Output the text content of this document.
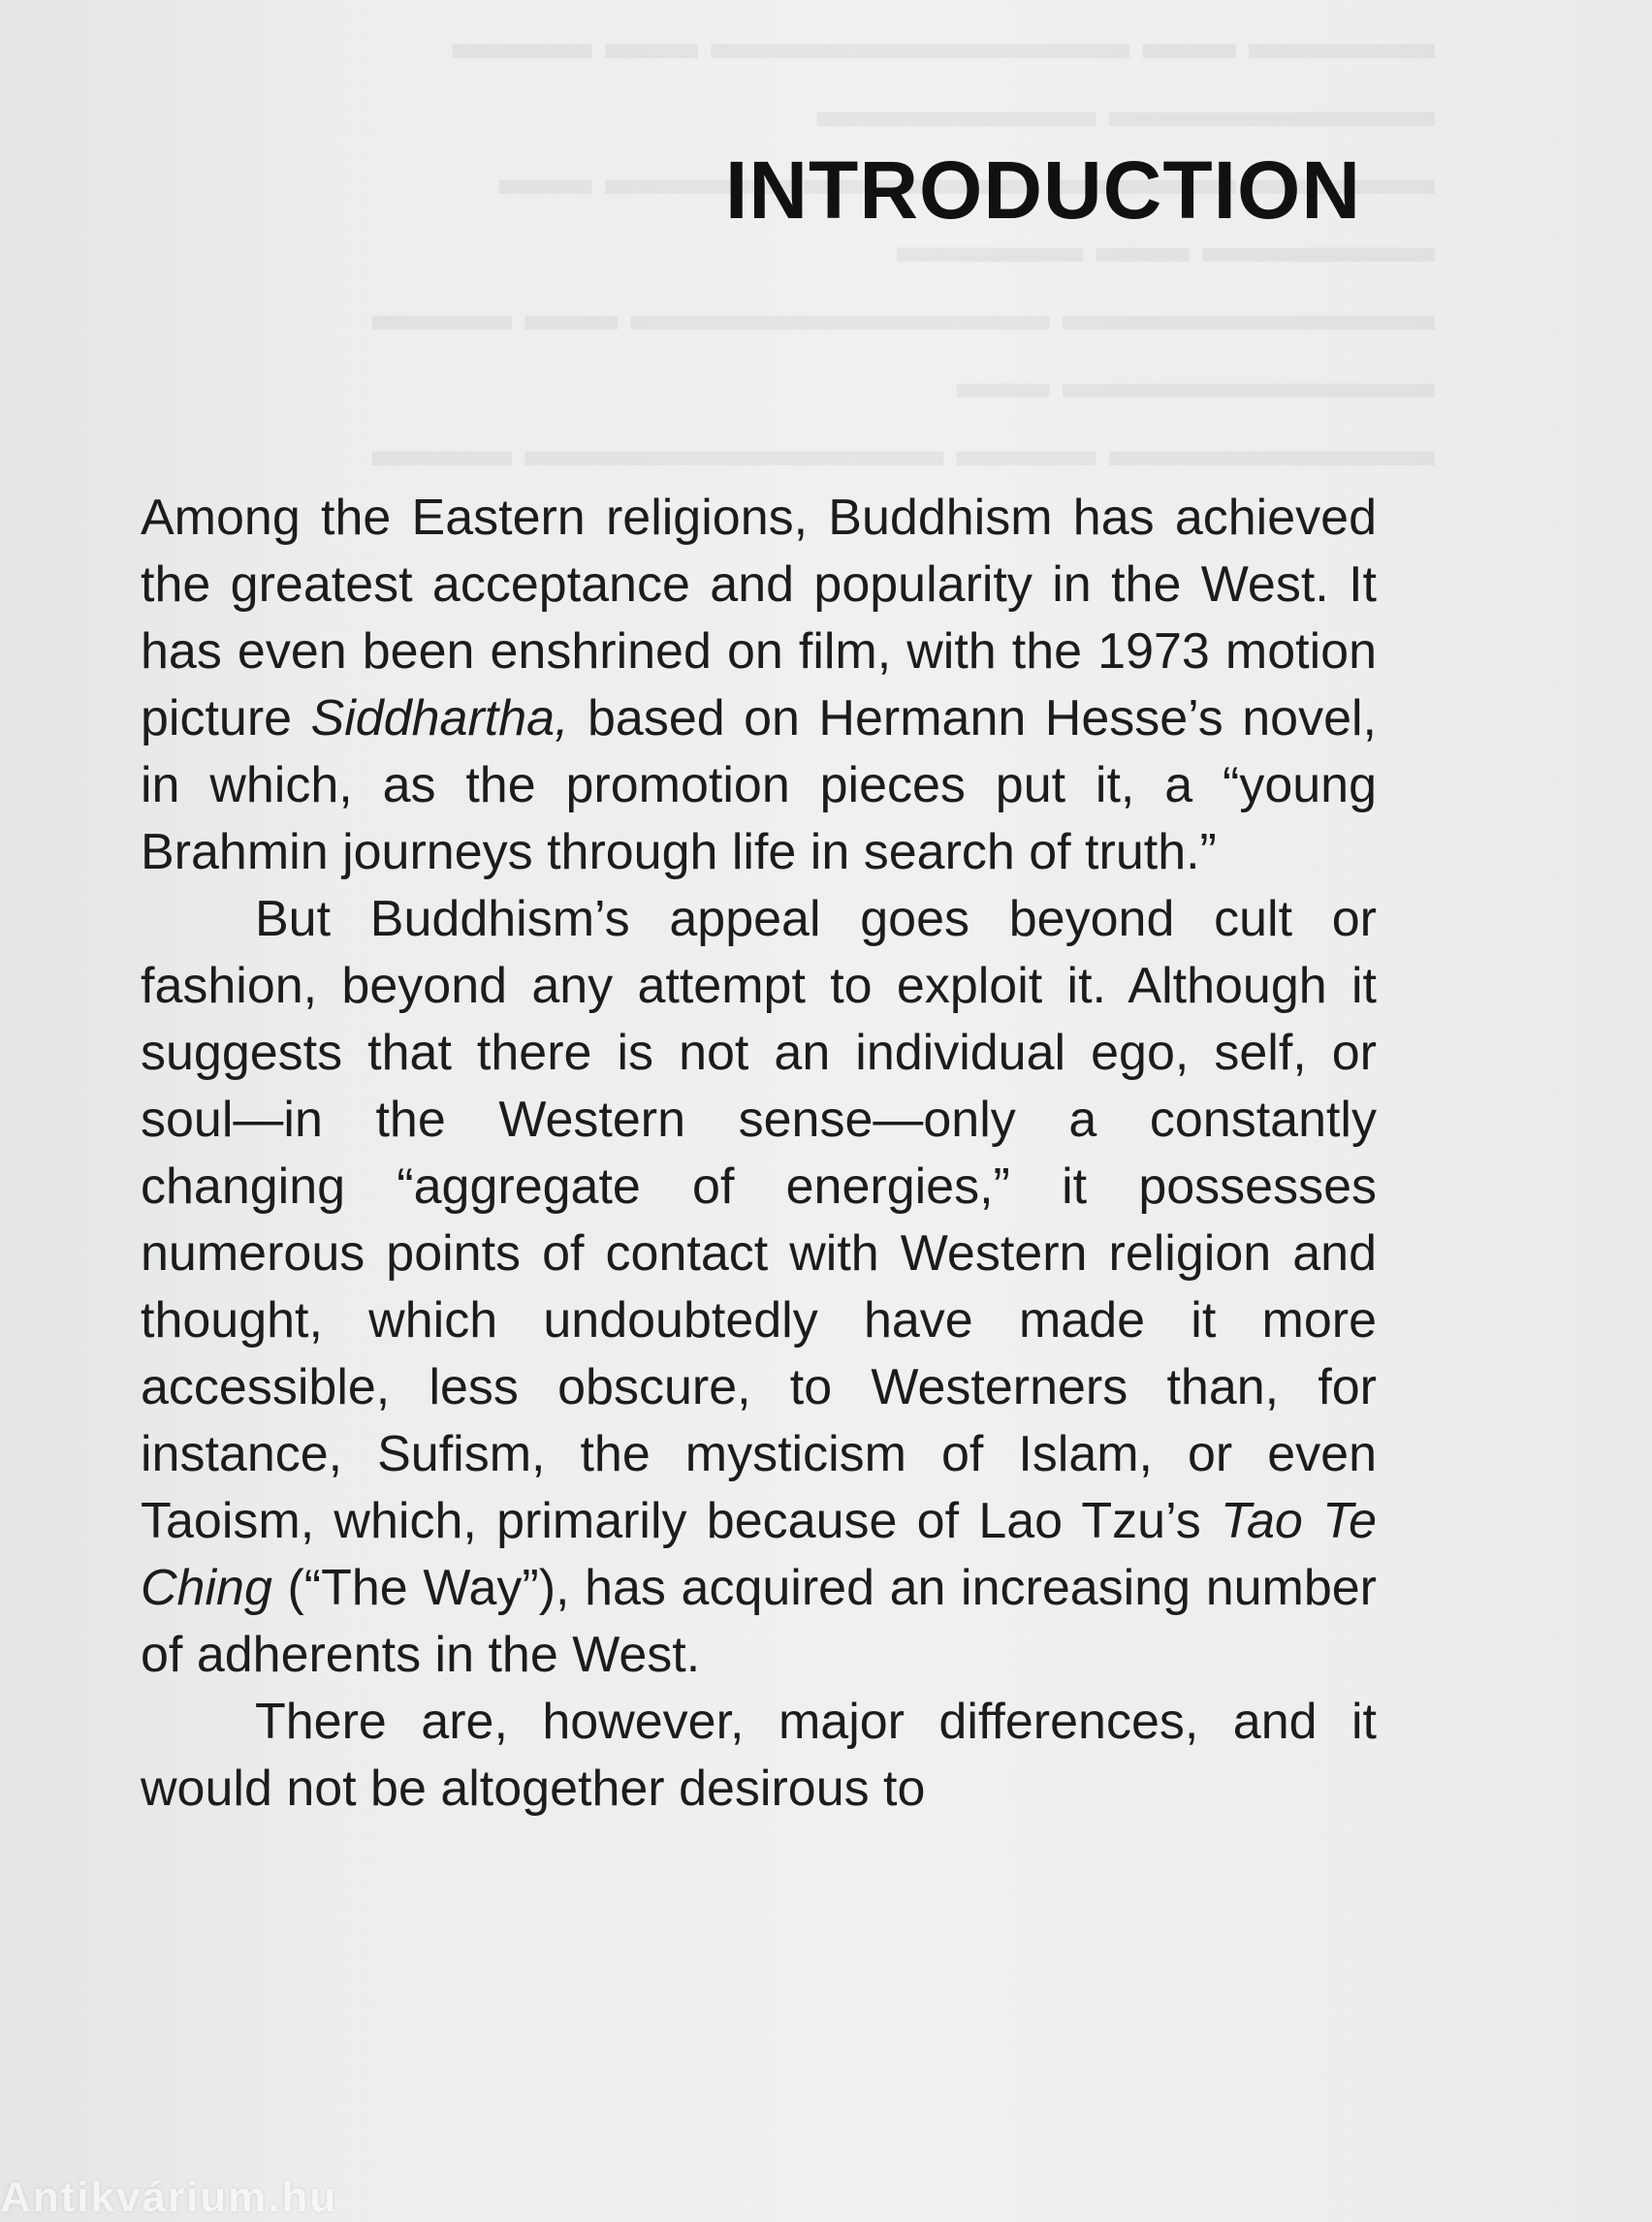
INTRODUCTION

Among the Eastern religions, Buddhism has achieved the greatest acceptance and popularity in the West. It has even been enshrined on film, with the 1973 motion picture Siddhartha, based on Hermann Hesse’s novel, in which, as the promotion pieces put it, a “young Brahmin journeys through life in search of truth.”

But Buddhism’s appeal goes beyond cult or fashion, beyond any attempt to exploit it. Although it suggests that there is not an individual ego, self, or soul—in the Western sense—only a constantly changing “aggregate of energies,” it possesses numerous points of contact with Western religion and thought, which undoubtedly have made it more accessible, less obscure, to Westerners than, for instance, Sufism, the mysticism of Islam, or even Taoism, which, primarily because of Lao Tzu’s Tao Te Ching (“The Way”), has acquired an increasing number of adherents in the West.

There are, however, major differences, and it would not be altogether desirous to

Antikvárium.hu
